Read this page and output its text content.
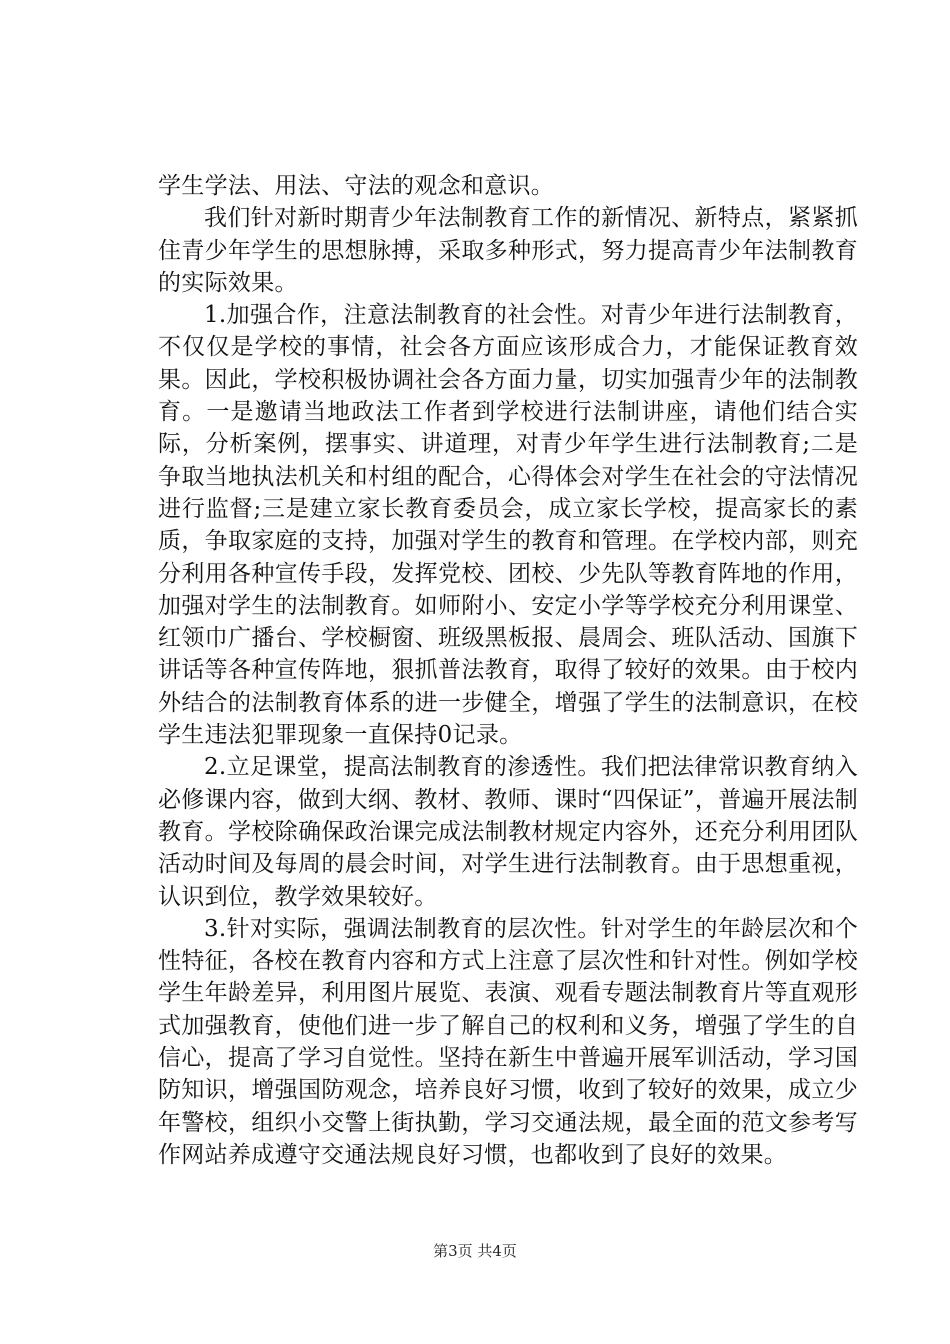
学生学法、用法、守法的观念和意识。

我们针对新时期青少年法制教育工作的新情况、新特点，紧紧抓住青少年学生的思想脉搏，采取多种形式，努力提高青少年法制教育的实际效果。

1.加强合作，注意法制教育的社会性。对青少年进行法制教育，不仅仅是学校的事情，社会各方面应该形成合力，才能保证教育效果。因此，学校积极协调社会各方面力量，切实加强青少年的法制教育。一是邀请当地政法工作者到学校进行法制讲座，请他们结合实际，分析案例，摆事实、讲道理，对青少年学生进行法制教育;二是争取当地执法机关和村组的配合，心得体会对学生在社会的守法情况进行监督;三是建立家长教育委员会，成立家长学校，提高家长的素质，争取家庭的支持，加强对学生的教育和管理。在学校内部，则充分利用各种宣传手段，发挥党校、团校、少先队等教育阵地的作用，加强对学生的法制教育。如师附小、安定小学等学校充分利用课堂、红领巾广播台、学校橱窗、班级黑板报、晨周会、班队活动、国旗下讲话等各种宣传阵地，狠抓普法教育，取得了较好的效果。由于校内外结合的法制教育体系的进一步健全，增强了学生的法制意识，在校学生违法犯罪现象一直保持0记录。

2.立足课堂，提高法制教育的渗透性。我们把法律常识教育纳入必修课内容，做到大纲、教材、教师、课时“四保证”，普遍开展法制教育。学校除确保政治课完成法制教材规定内容外，还充分利用团队活动时间及每周的晨会时间，对学生进行法制教育。由于思想重视，认识到位，教学效果较好。

3.针对实际，强调法制教育的层次性。针对学生的年龄层次和个性特征，各校在教育内容和方式上注意了层次性和针对性。例如学校学生年龄差异，利用图片展览、表演、观看专题法制教育片等直观形式加强教育，使他们进一步了解自己的权利和义务，增强了学生的自信心，提高了学习自觉性。坚持在新生中普遍开展军训活动，学习国防知识，增强国防观念，培养良好习惯，收到了较好的效果，成立少年警校，组织小交警上街执勤，学习交通法规，最全面的范文参考写作网站养成遵守交通法规良好习惯，也都收到了良好的效果。

第3页 共4页
